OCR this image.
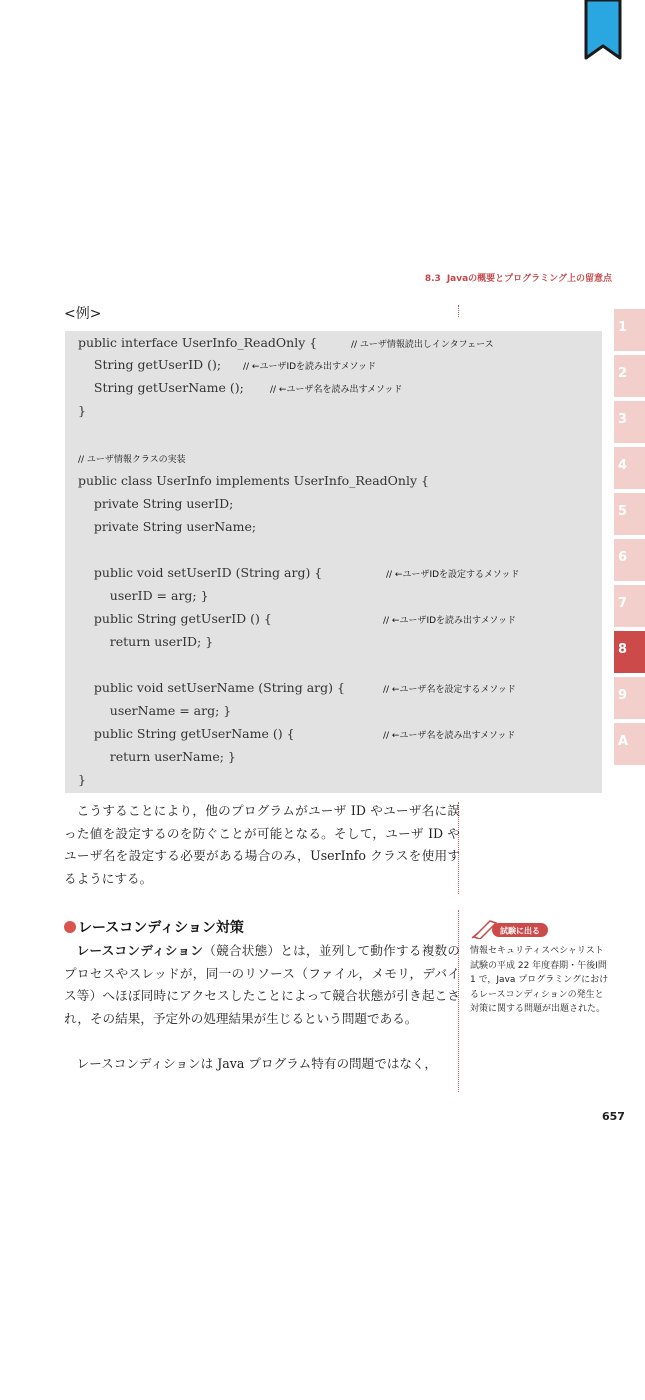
8.3 Javaの概要とプログラミング上の留意点
<例>
public interface UserInfo_ReadOnly {	// ユーザ情報読出しインタフェース
String getUserID (); // ←ユーザIDを読み出すメソッド
String getUserName ();	// ←ユーザ名を読み出すメソッド
}
// ユーザ情報クラスの実装
public class UserInfo implements UserInfo_ReadOnly {
private String userID;
private String userName;
public void setUserID (String arg) {	// ←ユーザIDを設定するメソッド
userID = arg; }
public String getUserID () {	// ←ユーザIDを読み出すメソッド
return userID; }
public void setUserName (String arg) {	// ←ユーザ名を設定するメソッド
userName = arg; }
public String getUserName () {	// ←ユーザ名を読み出すメソッド
return userName; }
}
こうすることにより，他のプログラムがユーザ ID やユーザ名に誤った値を設定するのを防ぐことが可能となる。そして，ユーザ ID やユーザ名を設定する必要がある場合のみ，UserInfo クラスを使用するようにする。
レースコンディション対策
レースコンディション（競合状態）とは，並列して動作する複数のプロセスやスレッドが，同一のリソース（ファイル，メモリ，デバイス等）へほぼ同時にアクセスしたことによって競合状態が引き起こされ，その結果，予定外の処理結果が生じるという問題である。
レースコンディションは Java プログラム特有の問題ではなく，
試験に出る
情報セキュリティスペシャリスト試験の平成 22 年度春期・午後Ⅰ問 1 で，Java プログラミングにおけるレースコンディションの発生と対策に関する問題が出題された。
1
2
3
4
5
6
7
8
9
A
657
